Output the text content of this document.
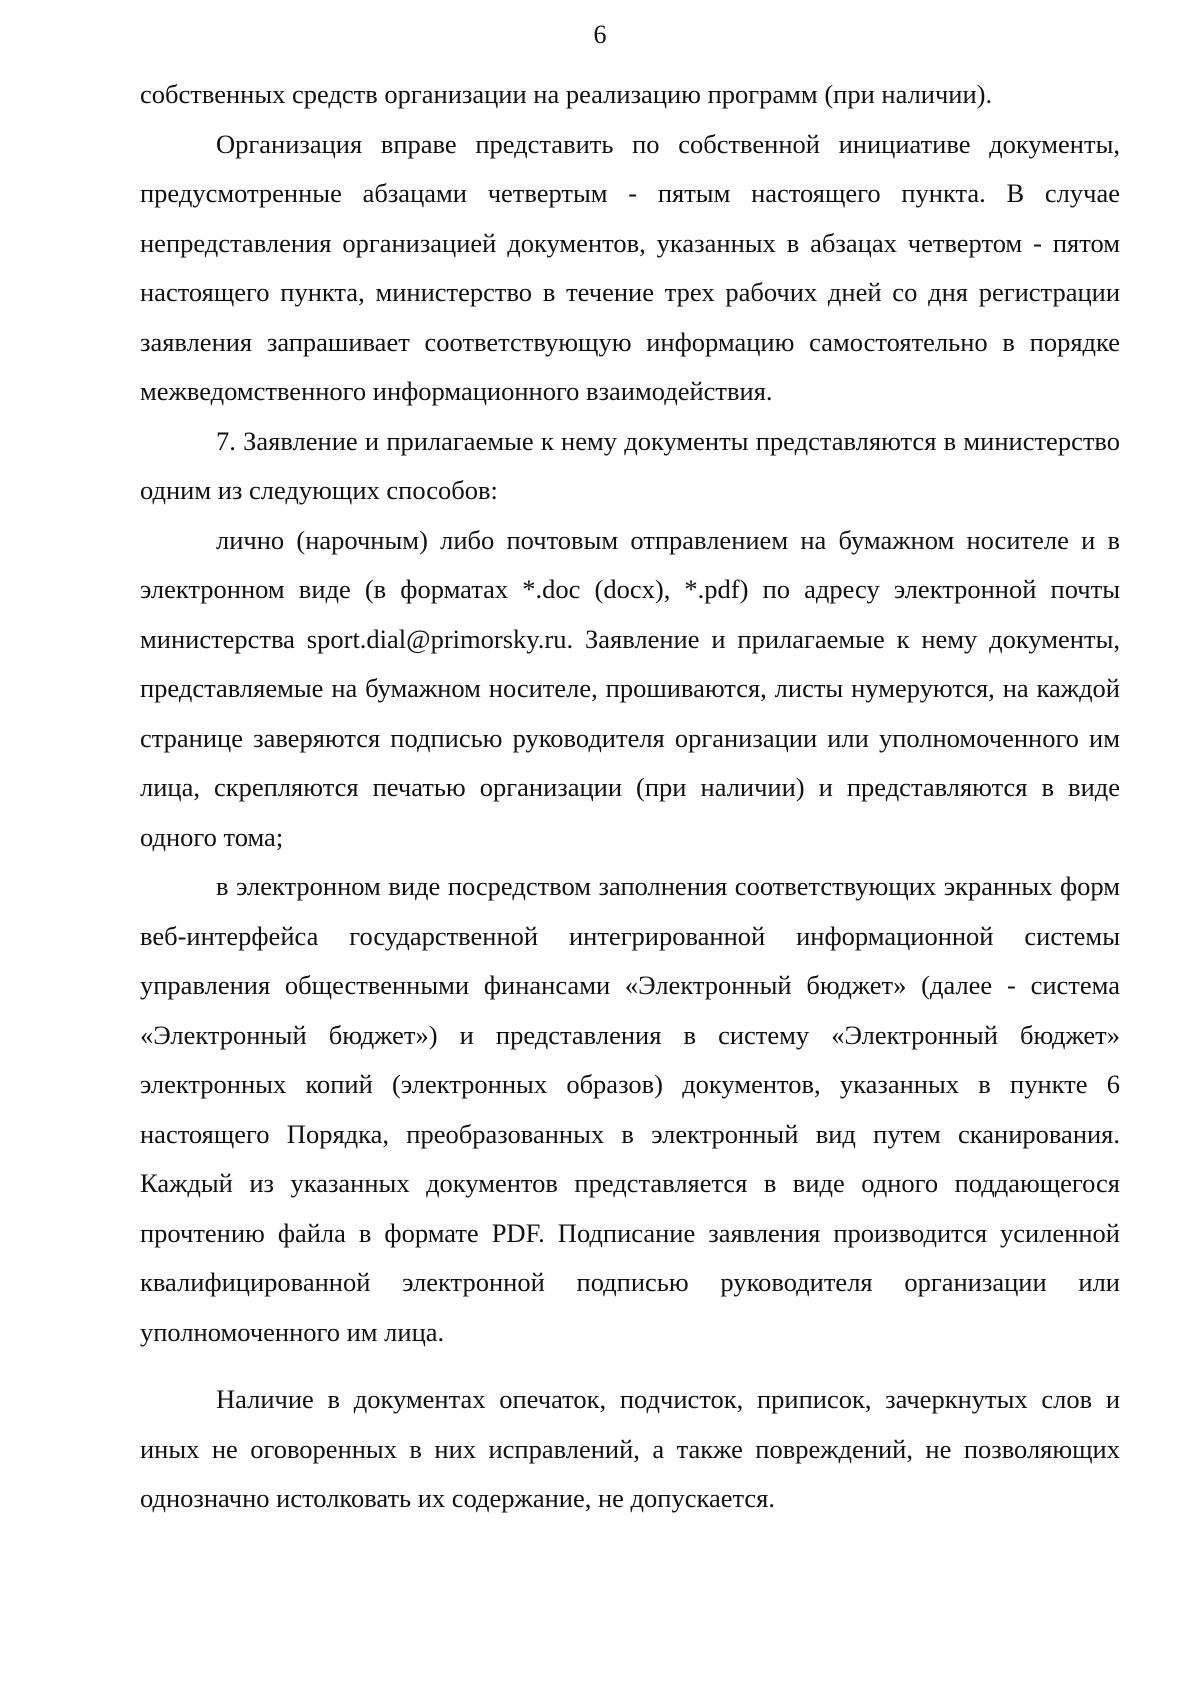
6

собственных средств организации на реализацию программ (при наличии).

Организация вправе представить по собственной инициативе документы, предусмотренные абзацами четвертым - пятым настоящего пункта. В случае непредставления организацией документов, указанных в абзацах четвертом - пятом настоящего пункта, министерство в течение трех рабочих дней со дня регистрации заявления запрашивает соответствующую информацию самостоятельно в порядке межведомственного информационного взаимодействия.

7. Заявление и прилагаемые к нему документы представляются в министерство одним из следующих способов:

лично (нарочным) либо почтовым отправлением на бумажном носителе и в электронном виде (в форматах *.doc (docx), *.pdf) по адресу электронной почты министерства sport.dial@primorsky.ru. Заявление и прилагаемые к нему документы, представляемые на бумажном носителе, прошиваются, листы нумеруются, на каждой странице заверяются подписью руководителя организации или уполномоченного им лица, скрепляются печатью организации (при наличии) и представляются в виде одного тома;

в электронном виде посредством заполнения соответствующих экранных форм веб-интерфейса государственной интегрированной информационной системы управления общественными финансами «Электронный бюджет» (далее - система «Электронный бюджет») и представления в систему «Электронный бюджет» электронных копий (электронных образов) документов, указанных в пункте 6 настоящего Порядка, преобразованных в электронный вид путем сканирования. Каждый из указанных документов представляется в виде одного поддающегося прочтению файла в формате PDF. Подписание заявления производится усиленной квалифицированной электронной подписью руководителя организации или уполномоченного им лица.

Наличие в документах опечаток, подчисток, приписок, зачеркнутых слов и иных не оговоренных в них исправлений, а также повреждений, не позволяющих однозначно истолковать их содержание, не допускается.
